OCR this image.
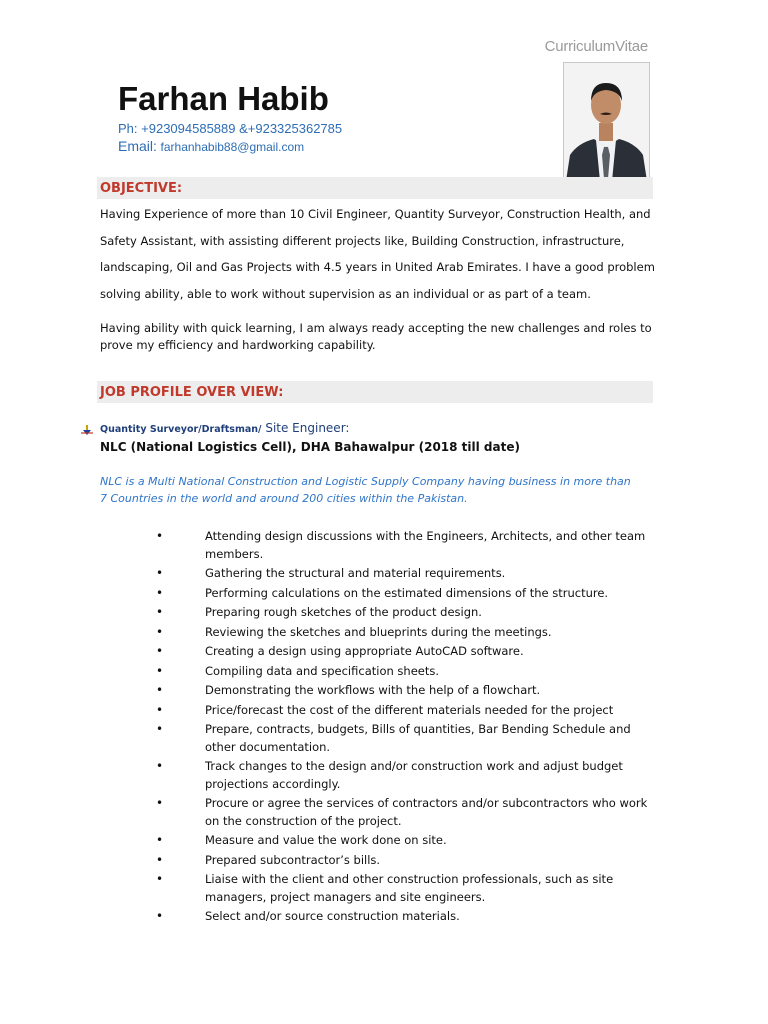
CurriculumVitae
Farhan Habib
Ph: +923094585889 &+923325362785
Email: farhanhabib88@gmail.com
OBJECTIVE:
Having Experience of more than 10 Civil Engineer, Quantity Surveyor, Construction Health, and
Safety Assistant, with assisting different projects like, Building Construction, infrastructure,
landscaping, Oil and Gas Projects with 4.5 years in United Arab Emirates. I have a good problem
solving ability, able to work without supervision as an individual or as part of a team.
Having ability with quick learning, I am always ready accepting the new challenges and roles to prove my efficiency and hardworking capability.
JOB PROFILE OVER VIEW:
Quantity Surveyor/Draftsman/ Site Engineer:
NLC (National Logistics Cell), DHA Bahawalpur (2018 till date)
NLC is a Multi National Construction and Logistic Supply Company having business in more than 7 Countries in the world and around 200 cities within the Pakistan.
•	Attending design discussions with the Engineers, Architects, and other team members.
•	Gathering the structural and material requirements.
•	Performing calculations on the estimated dimensions of the structure.
•	Preparing rough sketches of the product design.
•	Reviewing the sketches and blueprints during the meetings.
•	Creating a design using appropriate AutoCAD software.
•	Compiling data and specification sheets.
•	Demonstrating the workflows with the help of a flowchart.
•	Price/forecast the cost of the different materials needed for the project
•	Prepare, contracts, budgets, Bills of quantities, Bar Bending Schedule and other documentation.
•	Track changes to the design and/or construction work and adjust budget projections accordingly.
•	Procure or agree the services of contractors and/or subcontractors who work on the construction of the project.
•	Measure and value the work done on site.
•	Prepared subcontractor’s bills.
•	Liaise with the client and other construction professionals, such as site managers, project managers and site engineers.
•	Select and/or source construction materials.
